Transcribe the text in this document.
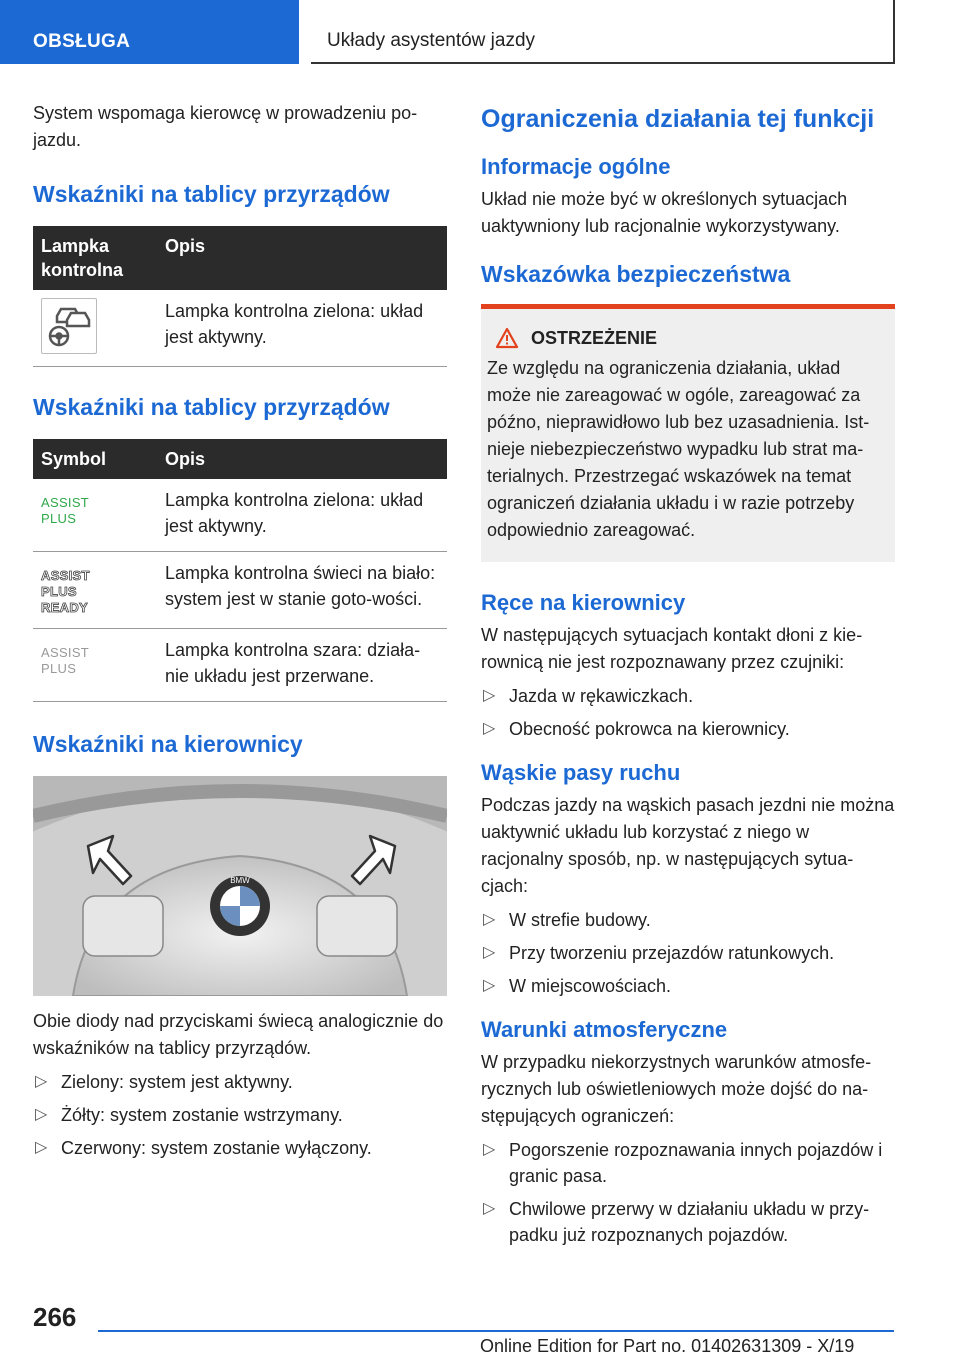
OBSŁUGA	Układy asystentów jazdy

System wspomaga kierowcę w prowadzeniu po-jazdu.

Wskaźniki na tablicy przyrządów
Lampka kontrolna	Opis

	Lampka kontrolna zielona: układ jest aktywny.
Wskaźniki na tablicy przyrządów
Symbol	Opis

ASSIST
PLUS	Lampka kontrolna zielona: układ jest aktywny.

ASSIST
PLUS
READY	Lampka kontrolna świeci na biało: system jest w stanie goto-wości.

ASSIST
PLUS	Lampka kontrolna szara: działa-nie układu jest przerwane.
Wskaźniki na kierownicy
BMW

Obie diody nad przyciskami świecą analogicznie do wskaźników na tablicy przyrządów.

▷ Zielony: system jest aktywny.
▷ Żółty: system zostanie wstrzymany.
▷ Czerwony: system zostanie wyłączony.
Ograniczenia działania tej funkcji
Informacje ogólne

Układ nie może być w określonych sytuacjach uaktywniony lub racjonalnie wykorzystywany.

Wskazówka bezpieczeństwa
OSTRZEŻENIE

Ze względu na ograniczenia działania, układ może nie zareagować w ogóle, zareagować za późno, nieprawidłowo lub bez uzasadnienia. Ist-nieje niebezpieczeństwo wypadku lub strat ma-terialnych. Przestrzegać wskazówek na temat ograniczeń działania układu i w razie potrzeby odpowiednio zareagować.

Ręce na kierownicy

W następujących sytuacjach kontakt dłoni z kie-rownicą nie jest rozpoznawany przez czujniki:

▷ Jazda w rękawiczkach.
▷ Obecność pokrowca na kierownicy.
Wąskie pasy ruchu

Podczas jazdy na wąskich pasach jezdni nie można uaktywnić układu lub korzystać z niego w racjonalny sposób, np. w następujących sytua-cjach:

▷ W strefie budowy.
▷ Przy tworzeniu przejazdów ratunkowych.
▷ W miejscowościach.
Warunki atmosferyczne

W przypadku niekorzystnych warunków atmosfe-rycznych lub oświetleniowych może dojść do na-stępujących ograniczeń:

▷ Pogorszenie rozpoznawania innych pojazdów i granic pasa.
▷ Chwilowe przerwy w działaniu układu w przy-padku już rozpoznanych pojazdów.
266
Online Edition for Part no. 01402631309 - X/19
